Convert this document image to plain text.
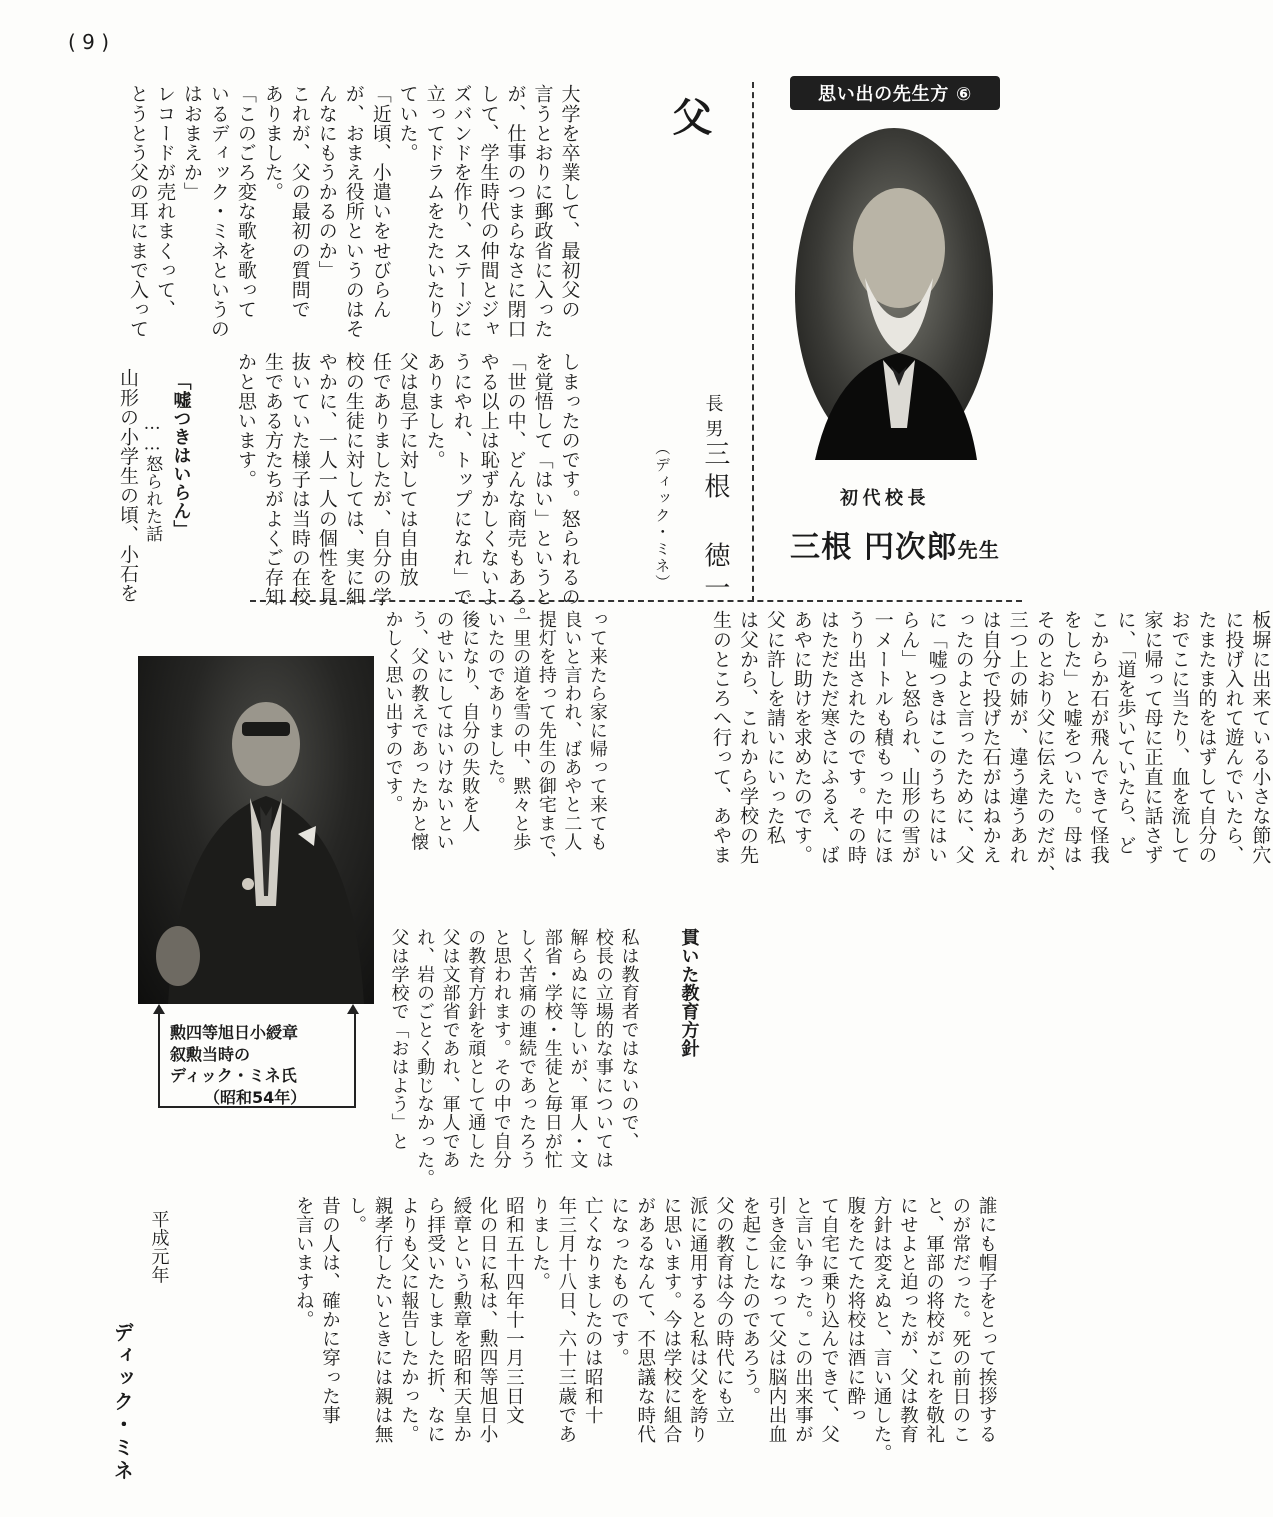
( 9 )
大学を卒業して、最初父の
言うとおりに郵政省に入った
が、仕事のつまらなさに閉口
して、学生時代の仲間とジャ
ズバンドを作り、ステージに
立ってドラムをたたいたりし
ていた。
「近頃、小遣いをせびらん
が、おまえ役所というのはそ
んなにもうかるのか」
これが、父の最初の質問で
ありました。
「このごろ変な歌を歌って
いるディック・ミネというの
はおまえか」
レコードが売れまくって、
とうとう父の耳にまで入って	父
長男
三根 徳一
（ディック・ミネ）
しまったのです。怒られるの
を覚悟して「はい」というと
「世の中、どんな商売もある。
やる以上は恥ずかしくないよ
うにやれ、トップになれ」で
ありました。
父は息子に対しては自由放
任でありましたが、自分の学
校の生徒に対しては、実に細
やかに、一人一人の個性を見
抜いていた様子は当時の在校
生である方たちがよくご存知
かと思います。
「嘘つきはいらん」
……怒られた話
山形の小学生の頃、小石を
思い出の先生方 ⑥
初代校長
三根 円次郎先生
板塀に出来ている小さな節穴
に投げ入れて遊んでいたら、
たまたま的をはずして自分の
おでこに当たり、血を流して
家に帰って母に正直に話さず
に、「道を歩いていたら、ど
こからか石が飛んできて怪我
をした」と嘘をついた。母は
そのとおり父に伝えたのだが、
三つ上の姉が、違う違うあれ
は自分で投げた石がはねかえ
ったのよと言ったために、父
に「嘘つきはこのうちにはい
らん」と怒られ、山形の雪が
一メートルも積もった中にほ
うり出されたのです。その時
はただただ寒さにふるえ、ば
あやに助けを求めたのです。
父に許しを請いにいった私
は父から、これから学校の先
生のところへ行って、あやま
って来たら家に帰って来ても
良いと言われ、ばあやと二人
提灯を持って先生の御宅まで、
一里の道を雪の中、黙々と歩
いたのでありました。
後になり、自分の失敗を人
のせいにしてはいけないとい
う、父の教えであったかと懐
かしく思い出すのです。
勲四等旭日小綬章
叙勲当時の
ディック・ミネ氏
（昭和54年）
貫いた教育方針
私は教育者ではないので、
校長の立場的な事については
解らぬに等しいが、軍人・文
部省・学校・生徒と毎日が忙
しく苦痛の連続であったろう
と思われます。その中で自分
の教育方針を頑として通した
父は文部省であれ、軍人であ
れ、岩のごとく動じなかった。
父は学校で「おはよう」と
誰にも帽子をとって挨拶する
のが常だった。死の前日のこ
と、軍部の将校がこれを敬礼
にせよと迫ったが、父は教育
方針は変えぬと、言い通した。
腹をたてた将校は酒に酔っ
て自宅に乗り込んできて、父
と言い争った。この出来事が
引き金になって父は脳内出血
を起こしたのであろう。
父の教育は今の時代にも立
派に通用すると私は父を誇り
に思います。今は学校に組合
があるなんて、不思議な時代
になったものです。
亡くなりましたのは昭和十
年三月十八日、六十三歳であ
りました。
昭和五十四年十一月三日文
化の日に私は、勲四等旭日小
綬章という勲章を昭和天皇か
ら拝受いたしました折、なに
よりも父に報告したかった。
親孝行したいときには親は無
し。
昔の人は、確かに穿った事
を言いますね。
平成元年
ディック・ミネ
